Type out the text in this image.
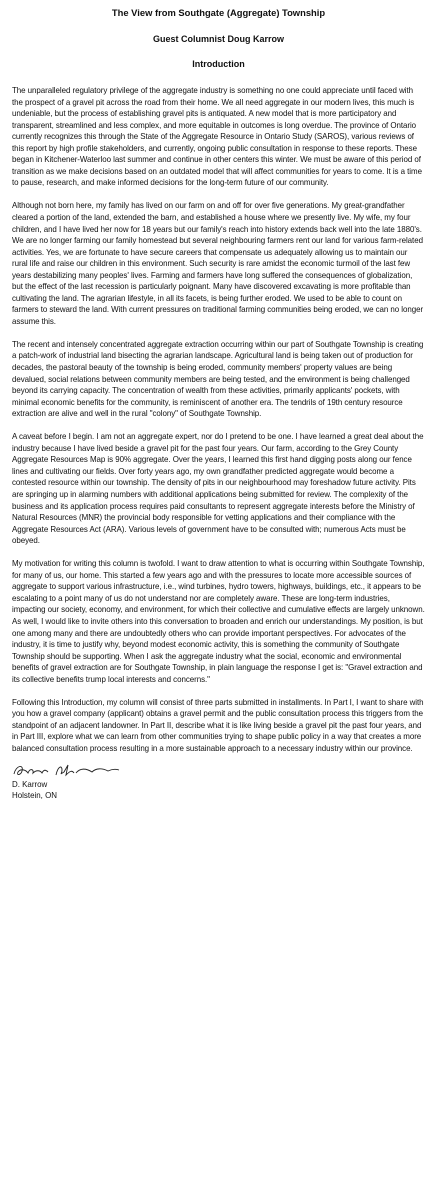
The View from Southgate (Aggregate) Township

Guest Columnist Doug Karrow

Introduction

The unparalleled regulatory privilege of the aggregate industry is something no one could appreciate until faced with the prospect of a gravel pit across the road from their home. We all need aggregate in our modern lives, this much is undeniable, but the process of establishing gravel pits is antiquated. A new model that is more participatory and transparent, streamlined and less complex, and more equitable in outcomes is long overdue. The province of Ontario currently recognizes this through the State of the Aggregate Resource in Ontario Study (SAROS), various reviews of this report by high profile stakeholders, and currently, ongoing public consultation in response to these reports. These began in Kitchener-Waterloo last summer and continue in other centers this winter. We must be aware of this period of transition as we make decisions based on an outdated model that will affect communities for years to come. It is a time to pause, research, and make informed decisions for the long-term future of our community.

Although not born here, my family has lived on our farm on and off for over five generations. My great-grandfather cleared a portion of the land, extended the barn, and established a house where we presently live. My wife, my four children, and I have lived her now for 18 years but our family's reach into history extends back well into the late 1880's. We are no longer farming our family homestead but several neighbouring farmers rent our land for various farm-related activities. Yes, we are fortunate to have secure careers that compensate us adequately allowing us to maintain our rural life and raise our children in this environment. Such security is rare amidst the economic turmoil of the last few years destabilizing many peoples' lives. Farming and farmers have long suffered the consequences of globalization, but the effect of the last recession is particularly poignant. Many have discovered excavating is more profitable than cultivating the land. The agrarian lifestyle, in all its facets, is being further eroded. We used to be able to count on farmers to steward the land. With current pressures on traditional farming communities being eroded, we can no longer assume this.

The recent and intensely concentrated aggregate extraction occurring within our part of Southgate Township is creating a patch-work of industrial land bisecting the agrarian landscape. Agricultural land is being taken out of production for decades, the pastoral beauty of the township is being eroded, community members' property values are being devalued, social relations between community members are being tested, and the environment is being challenged beyond its carrying capacity. The concentration of wealth from these activities, primarily applicants' pockets, with minimal economic benefits for the community, is reminiscent of another era. The tendrils of 19th century resource extraction are alive and well in the rural "colony" of Southgate Township.

A caveat before I begin. I am not an aggregate expert, nor do I pretend to be one. I have learned a great deal about the industry because I have lived beside a gravel pit for the past four years. Our farm, according to the Grey County Aggregate Resources Map is 90% aggregate. Over the years, I learned this first hand digging posts along our fence lines and cultivating our fields. Over forty years ago, my own grandfather predicted aggregate would become a contested resource within our township. The density of pits in our neighbourhood may foreshadow future activity. Pits are springing up in alarming numbers with additional applications being submitted for review. The complexity of the business and its application process requires paid consultants to represent aggregate interests before the Ministry of Natural Resources (MNR) the provincial body responsible for vetting applications and their compliance with the Aggregate Resources Act (ARA). Various levels of government have to be consulted with; numerous Acts must be obeyed.

My motivation for writing this column is twofold. I want to draw attention to what is occurring within Southgate Township, for many of us, our home. This started a few years ago and with the pressures to locate more accessible sources of aggregate to support various infrastructure, i.e., wind turbines, hydro towers, highways, buildings, etc., it appears to be escalating to a point many of us do not understand nor are completely aware. These are long-term industries, impacting our society, economy, and environment, for which their collective and cumulative effects are largely unknown. As well, I would like to invite others into this conversation to broaden and enrich our understandings. My position, is but one among many and there are undoubtedly others who can provide important perspectives. For advocates of the industry, it is time to justify why, beyond modest economic activity, this is something the community of Southgate Township should be supporting. When I ask the aggregate industry what the social, economic and environmental benefits of gravel extraction are for Southgate Township, in plain language the response I get is: "Gravel extraction and its collective benefits trump local interests and concerns."

Following this Introduction, my column will consist of three parts submitted in installments. In Part I, I want to share with you how a gravel company (applicant) obtains a gravel permit and the public consultation process this triggers from the standpoint of an adjacent landowner. In Part II, describe what it is like living beside a gravel pit the past four years, and in Part III, explore what we can learn from other communities trying to shape public policy in a way that creates a more balanced consultation process resulting in a more sustainable approach to a necessary industry within our province.

D. Karrow
Holstein, ON
